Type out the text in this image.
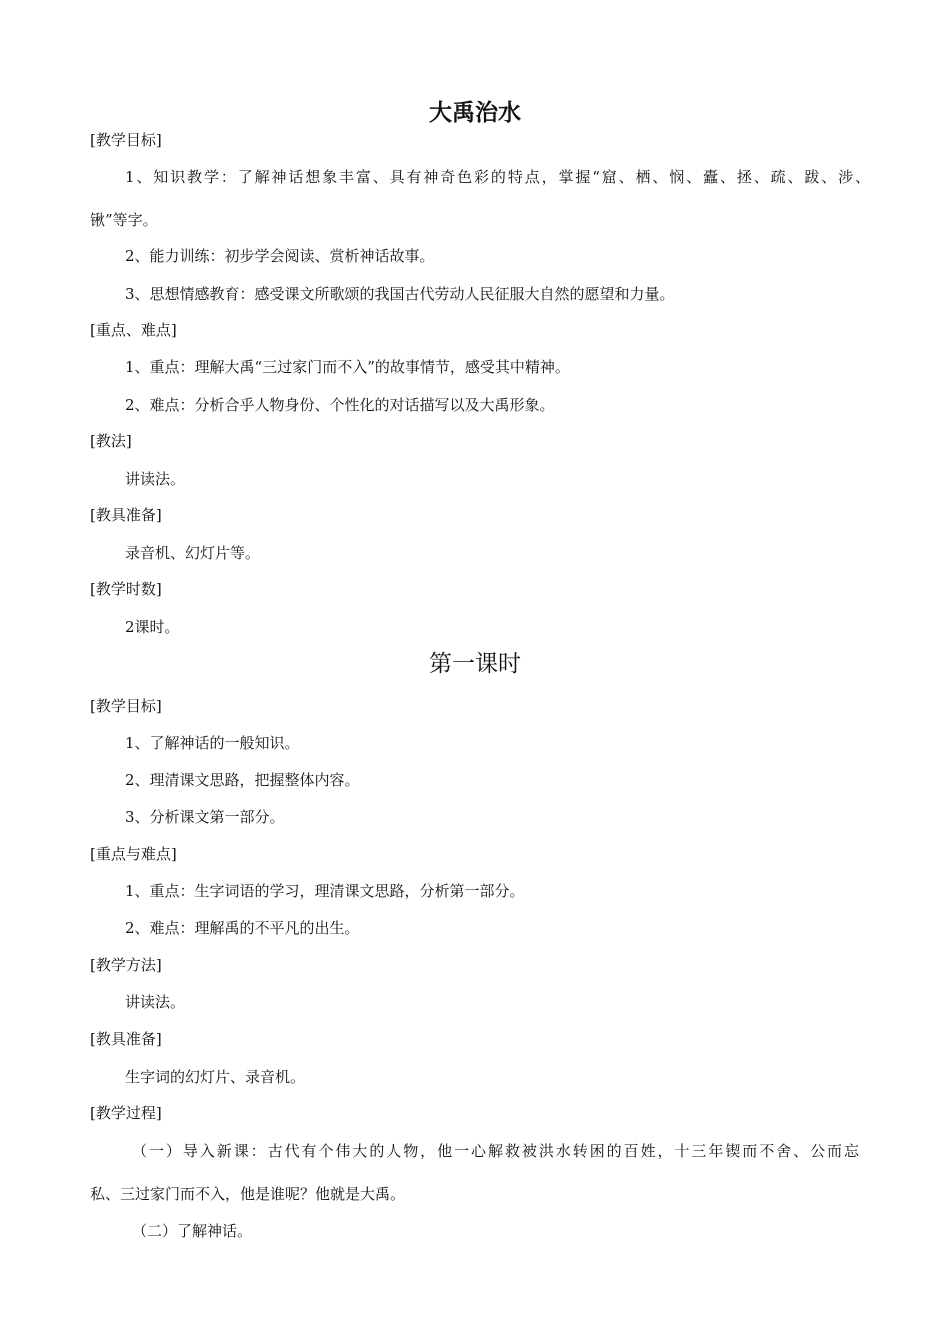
大禹治水
[教学目标]
1、知识教学：了解神话想象丰富、具有神奇色彩的特点，掌握“窟、栖、悯、蠹、拯、疏、跋、涉、
锹”等字。
2、能力训练：初步学会阅读、赏析神话故事。
3、思想情感教育：感受课文所歌颂的我国古代劳动人民征服大自然的愿望和力量。
[重点、难点]
1、重点：理解大禹“三过家门而不入”的故事情节，感受其中精神。
2、难点：分析合乎人物身份、个性化的对话描写以及大禹形象。
[教法]
讲读法。
[教具准备]
录音机、幻灯片等。
[教学时数]
2课时。
第一课时
[教学目标]
1、了解神话的一般知识。
2、理清课文思路，把握整体内容。
3、分析课文第一部分。
[重点与难点]
1、重点：生字词语的学习，理清课文思路，分析第一部分。
2、难点：理解禹的不平凡的出生。
[教学方法]
讲读法。
[教具准备]
生字词的幻灯片、录音机。
[教学过程]
（一）导入新课：古代有个伟大的人物，他一心解救被洪水转困的百姓，十三年锲而不舍、公而忘
私、三过家门而不入，他是谁呢？他就是大禹。
（二）了解神话。
